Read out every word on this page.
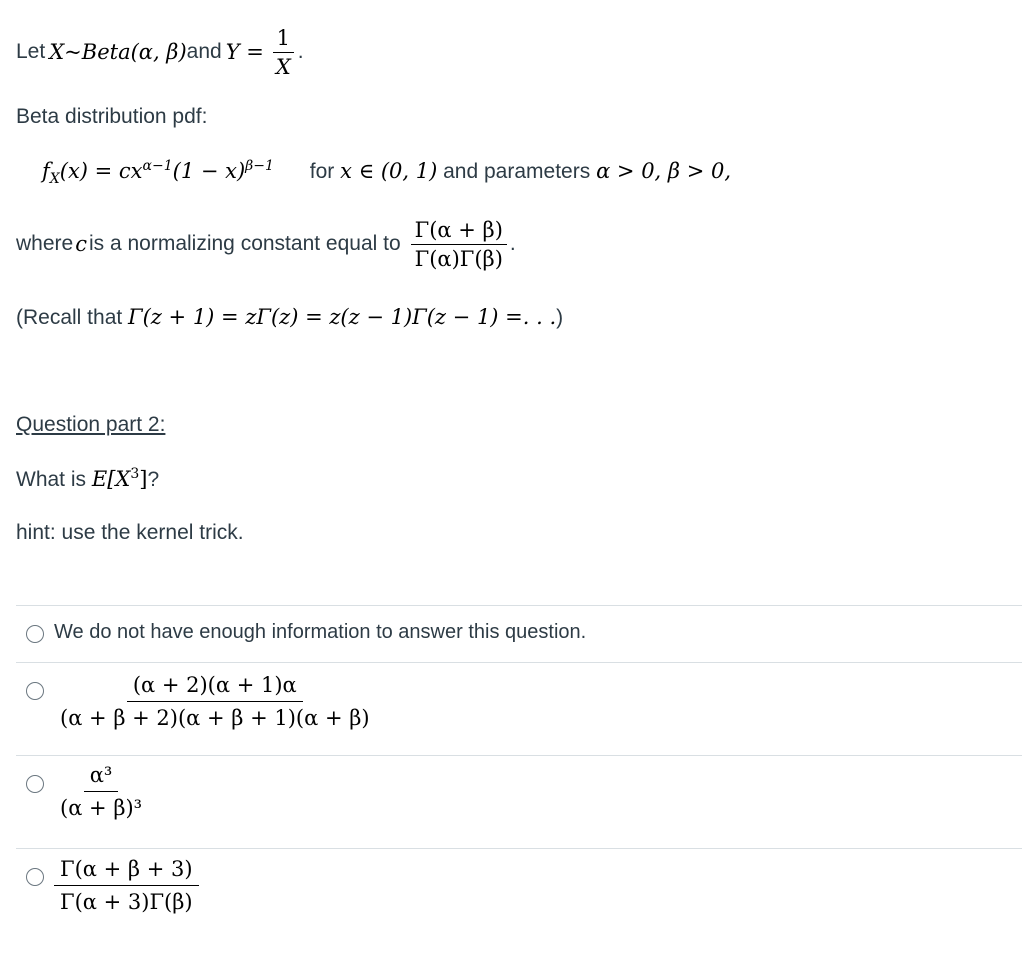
Let X ~ Beta(α, β) and $Y = \frac{1}{X}$ .
Beta distribution pdf:
$f_X(x) = cx^{\alpha-1}(1 - x)^{\beta-1}$ for x ∈ (0, 1) and parameters α > 0, β > 0,
where c is a normalizing constant equal to $\frac{\Gamma(\alpha + \beta)}{\Gamma(\alpha)\Gamma(\beta)}$ .
(Recall that Γ(z + 1) = zΓ(z) = z(z − 1)Γ(z − 1) =. . .)
Question part 2:
What is $E[X^3]$?
hint: use the kernel trick.
We do not have enough information to answer this question.
$\frac{(\alpha + 2)(\alpha + 1)\alpha}{(\alpha + \beta + 2)(\alpha + \beta + 1)(\alpha + \beta)}$
$\frac{\text{α³}}{\text{(α + β)³}}$
$\frac{\Gamma(\alpha + \beta + 3)}{\Gamma(\alpha + 3)\Gamma(\beta)}$
